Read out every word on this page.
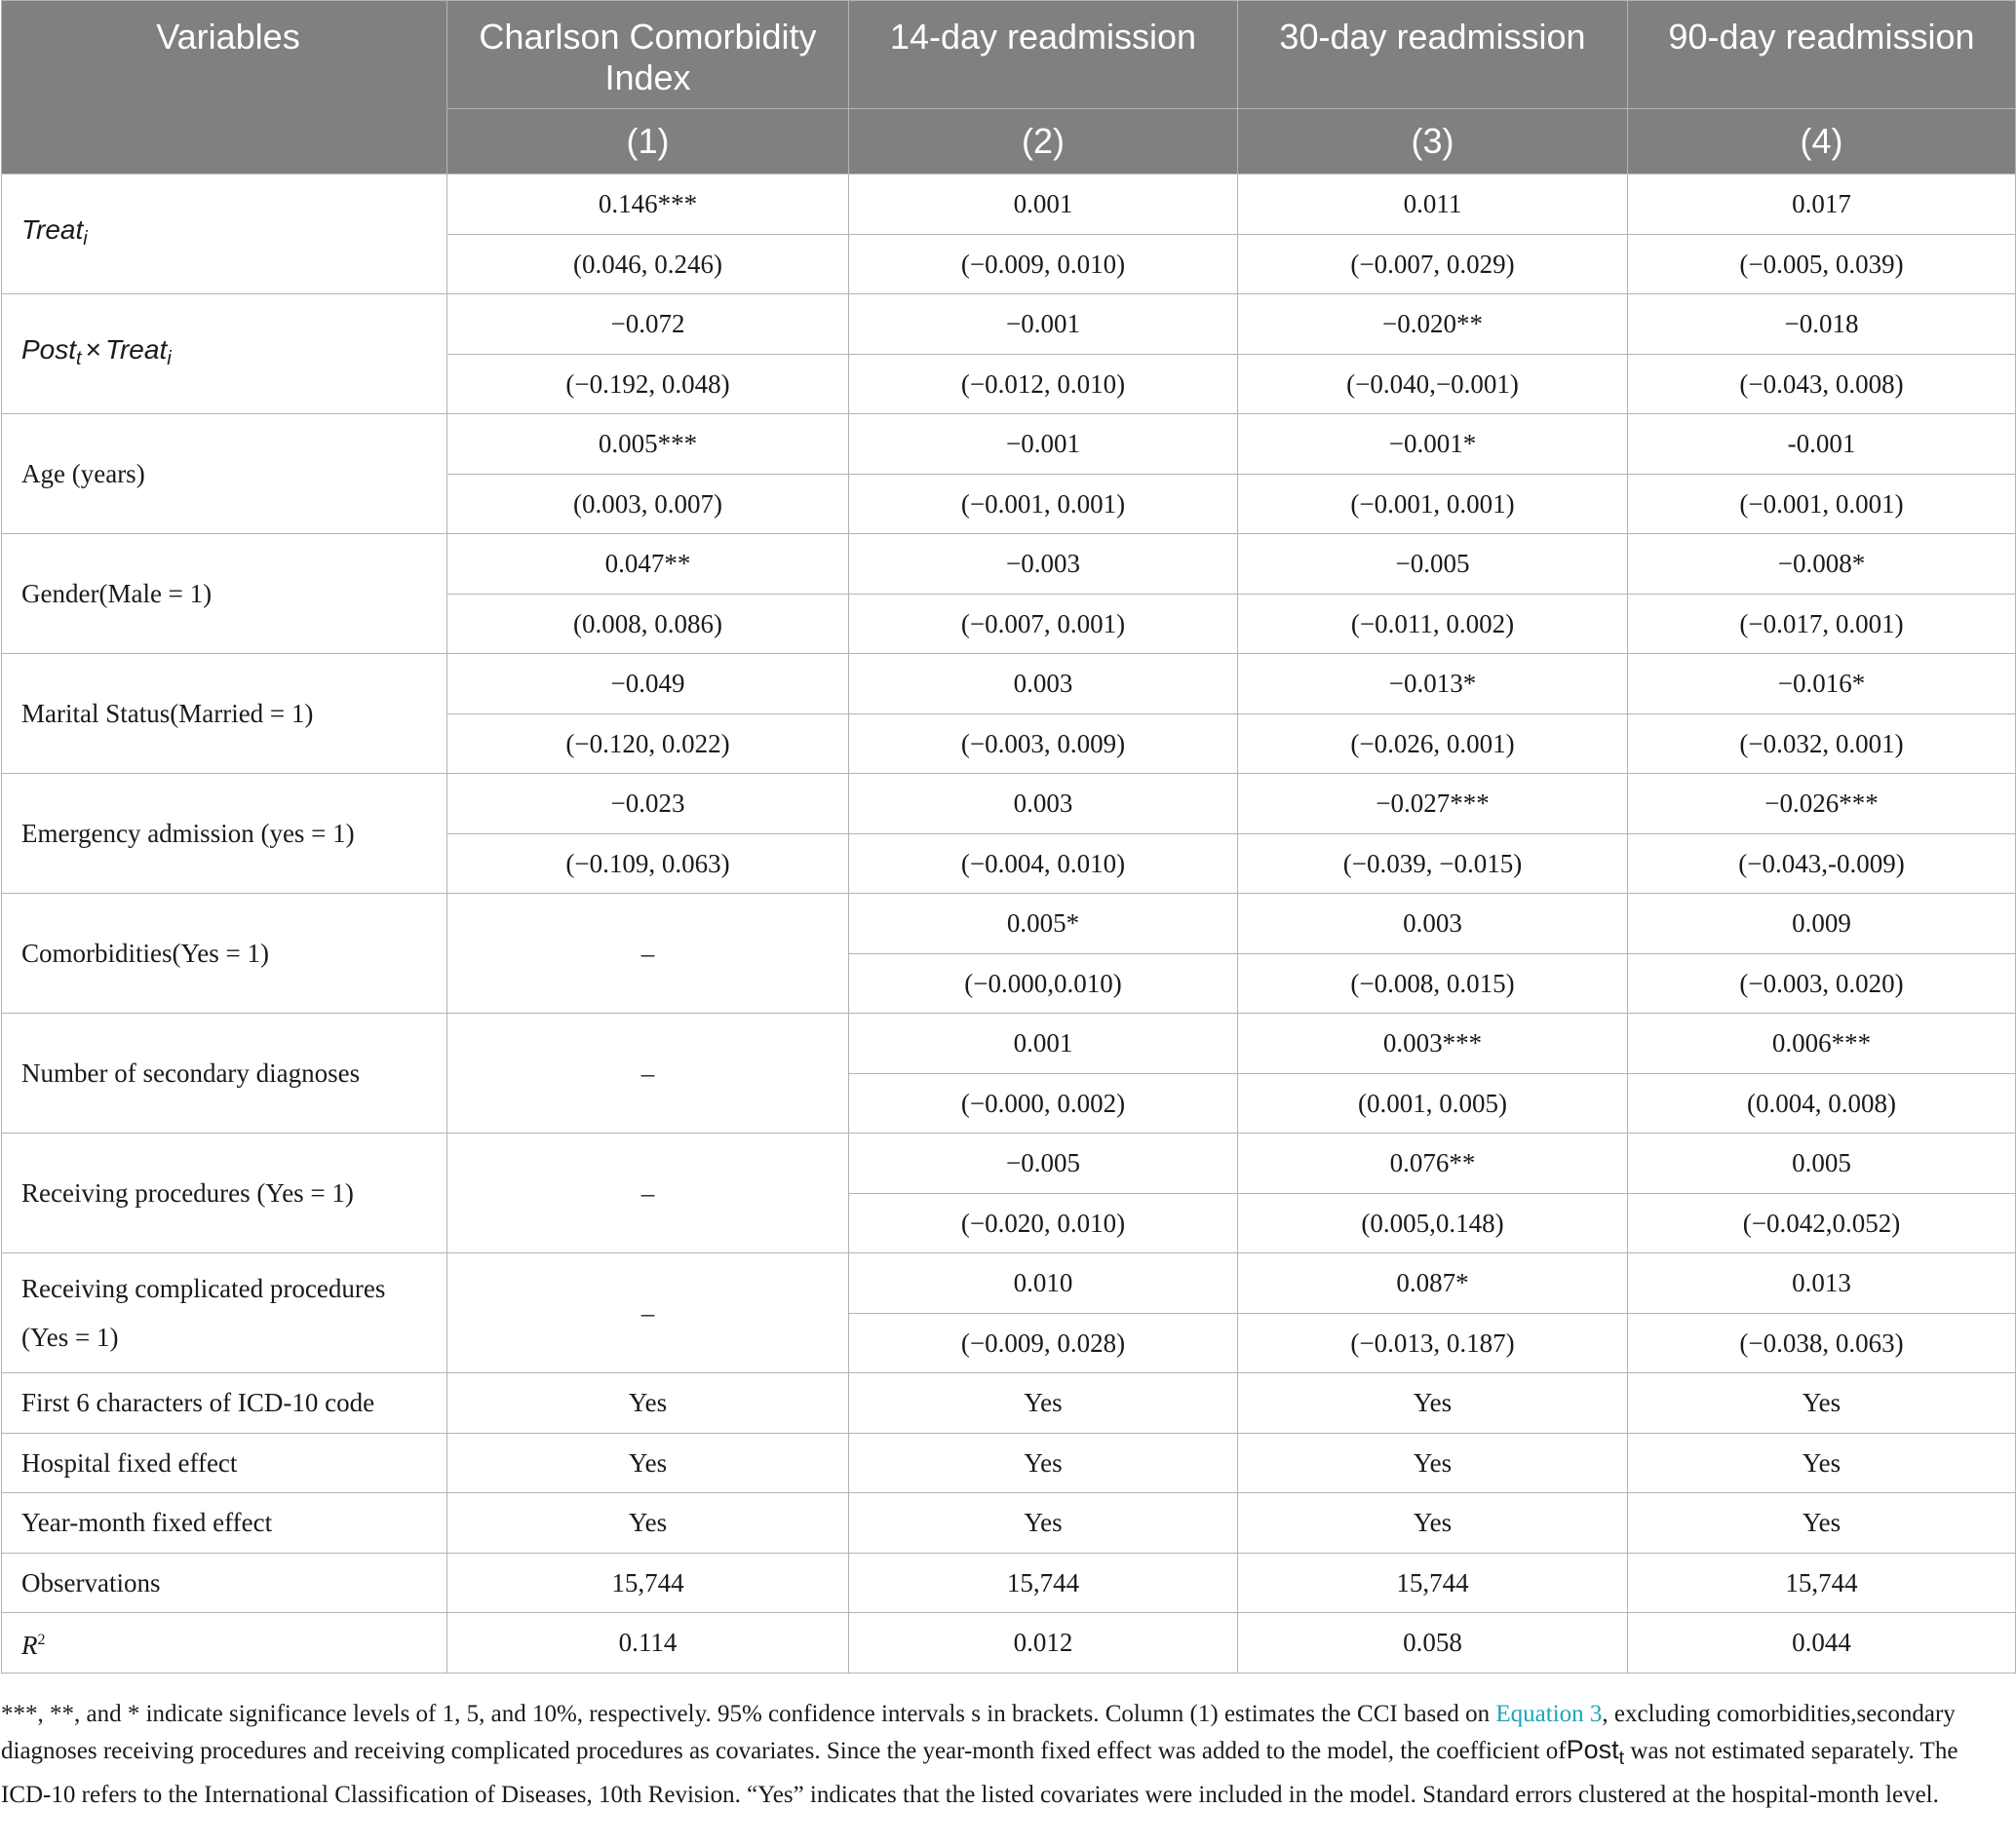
Variables	Charlson Comorbidity Index	14-day readmission	30-day readmission	90-day readmission
	(1)	(2)	(3)	(4)
Treat$_i$	0.146***	0.001	0.011	0.017
	(0.046, 0.246)	(−0.009, 0.010)	(−0.007, 0.029)	(−0.005, 0.039)
Post$_t$ × Treat$_i$	−0.072	−0.001	−0.020**	−0.018
	(−0.192, 0.048)	(−0.012, 0.010)	(−0.040,−0.001)	(−0.043, 0.008)
Age (years)	0.005***	−0.001	−0.001*	-0.001
	(0.003, 0.007)	(−0.001, 0.001)	(−0.001, 0.001)	(−0.001, 0.001)
Gender(Male = 1)	0.047**	−0.003	−0.005	−0.008*
	(0.008, 0.086)	(−0.007, 0.001)	(−0.011, 0.002)	(−0.017, 0.001)
Marital Status(Married = 1)	−0.049	0.003	−0.013*	−0.016*
	(−0.120, 0.022)	(−0.003, 0.009)	(−0.026, 0.001)	(−0.032, 0.001)
Emergency admission (yes = 1)	−0.023	0.003	−0.027***	−0.026***
	(−0.109, 0.063)	(−0.004, 0.010)	(−0.039, −0.015)	(−0.043,-0.009)
Comorbidities(Yes = 1)	–	0.005*	0.003	0.009
		(−0.000,0.010)	(−0.008, 0.015)	(−0.003, 0.020)
Number of secondary diagnoses	–	0.001	0.003***	0.006***
		(−0.000, 0.002)	(0.001, 0.005)	(0.004, 0.008)
Receiving procedures (Yes = 1)	–	−0.005	0.076**	0.005
		(−0.020, 0.010)	(0.005,0.148)	(−0.042,0.052)
Receiving complicated procedures
(Yes = 1)	–	0.010	0.087*	0.013
		(−0.009, 0.028)	(−0.013, 0.187)	(−0.038, 0.063)
First 6 characters of ICD-10 code	Yes	Yes	Yes	Yes
Hospital fixed effect	Yes	Yes	Yes	Yes
Year-month fixed effect	Yes	Yes	Yes	Yes
Observations	15,744	15,744	15,744	15,744
$R^2$	0.114	0.012	0.058	0.044
***, **, and * indicate significance levels of 1, 5, and 10%, respectively. 95% confidence intervals s in brackets. Column (1) estimates the CCI based on Equation 3, excluding comorbidities,secondary diagnoses receiving procedures and receiving complicated procedures as covariates. Since the year-month fixed effect was added to the model, the coefficient ofPost$_t$ was not estimated separately. The ICD-10 refers to the International Classification of Diseases, 10th Revision. “Yes” indicates that the listed covariates were included in the model. Standard errors clustered at the hospital-month level.
